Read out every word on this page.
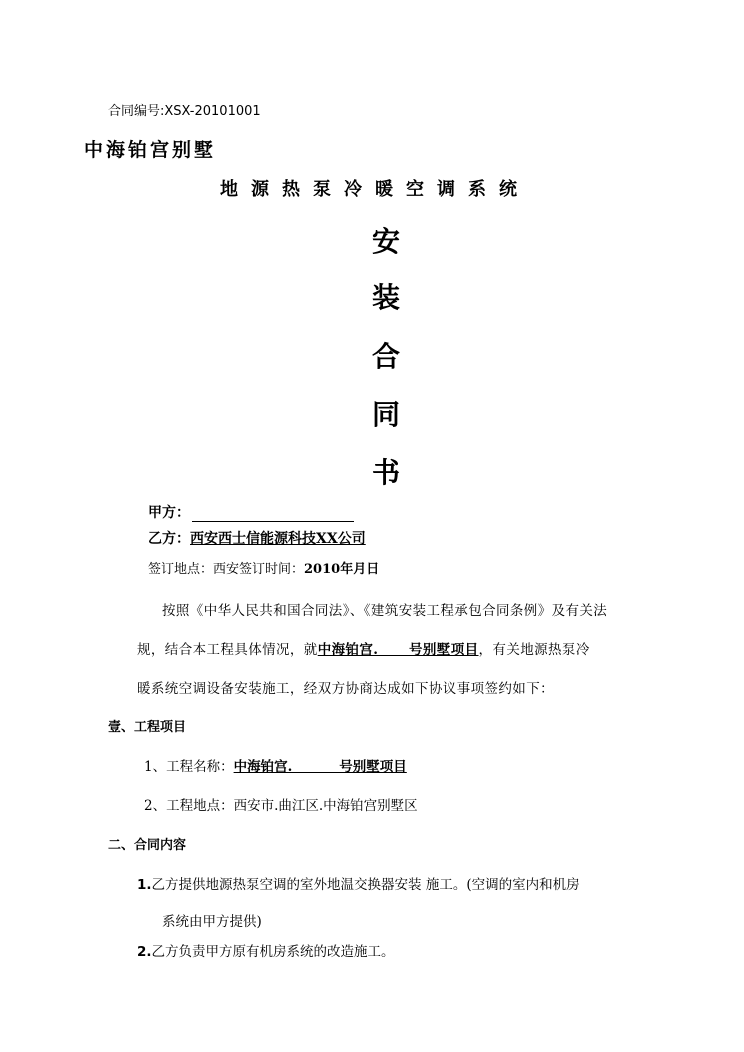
合同编号:XSX-20101001
中海铂宫别墅
地源热泵冷暖空调系统
安
装
合
同
书
甲方：
乙方：西安西士信能源科技XX公司
签订地点：西安签订时间：2010年月日
按照《中华人民共和国合同法》、《建筑安装工程承包合同条例》及有关法
规，结合本工程具体情况，就中海铂宫.      号别墅项目，有关地源热泵冷
暖系统空调设备安装施工，经双方协商达成如下协议事项签约如下：
壹、工程项目
1、工程名称：中海铂宫.          号别墅项目
2、工程地点：西安市.曲江区.中海铂宫别墅区
二、合同内容
1.乙方提供地源热泵空调的室外地温交换器安装 施工。(空调的室内和机房
系统由甲方提供)
2.乙方负责甲方原有机房系统的改造施工。
